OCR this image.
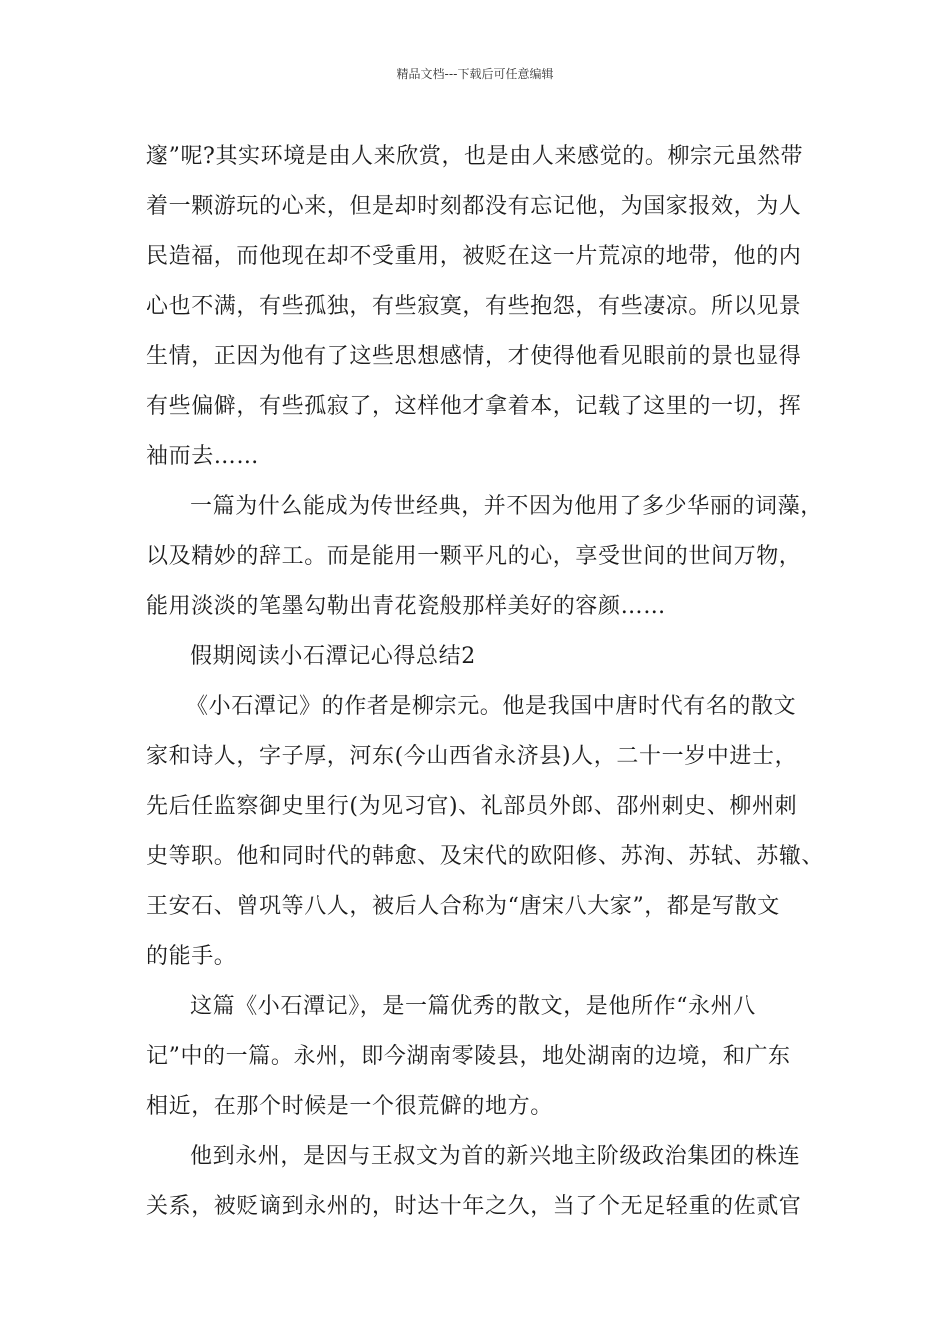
精品文档---下载后可任意编辑
邃”呢?其实环境是由人来欣赏，也是由人来感觉的。柳宗元虽然带
着一颗游玩的心来，但是却时刻都没有忘记他，为国家报效，为人
民造福，而他现在却不受重用，被贬在这一片荒凉的地带，他的内
心也不满，有些孤独，有些寂寞，有些抱怨，有些凄凉。所以见景
生情，正因为他有了这些思想感情，才使得他看见眼前的景也显得
有些偏僻，有些孤寂了，这样他才拿着本，记载了这里的一切，挥
袖而去……
一篇为什么能成为传世经典，并不因为他用了多少华丽的词藻，
以及精妙的辞工。而是能用一颗平凡的心，享受世间的世间万物，
能用淡淡的笔墨勾勒出青花瓷般那样美好的容颜……
假期阅读小石潭记心得总结2
《小石潭记》的作者是柳宗元。他是我国中唐时代有名的散文
家和诗人，字子厚，河东(今山西省永济县)人，二十一岁中进士，
先后任监察御史里行(为见习官)、礼部员外郎、邵州刺史、柳州刺
史等职。他和同时代的韩愈、及宋代的欧阳修、苏洵、苏轼、苏辙、
王安石、曾巩等八人，被后人合称为“唐宋八大家”，都是写散文
的能手。
这篇《小石潭记》，是一篇优秀的散文，是他所作“永州八
记”中的一篇。永州，即今湖南零陵县，地处湖南的边境，和广东
相近，在那个时候是一个很荒僻的地方。
他到永州，是因与王叔文为首的新兴地主阶级政治集团的株连
关系，被贬谪到永州的，时达十年之久，当了个无足轻重的佐贰官
